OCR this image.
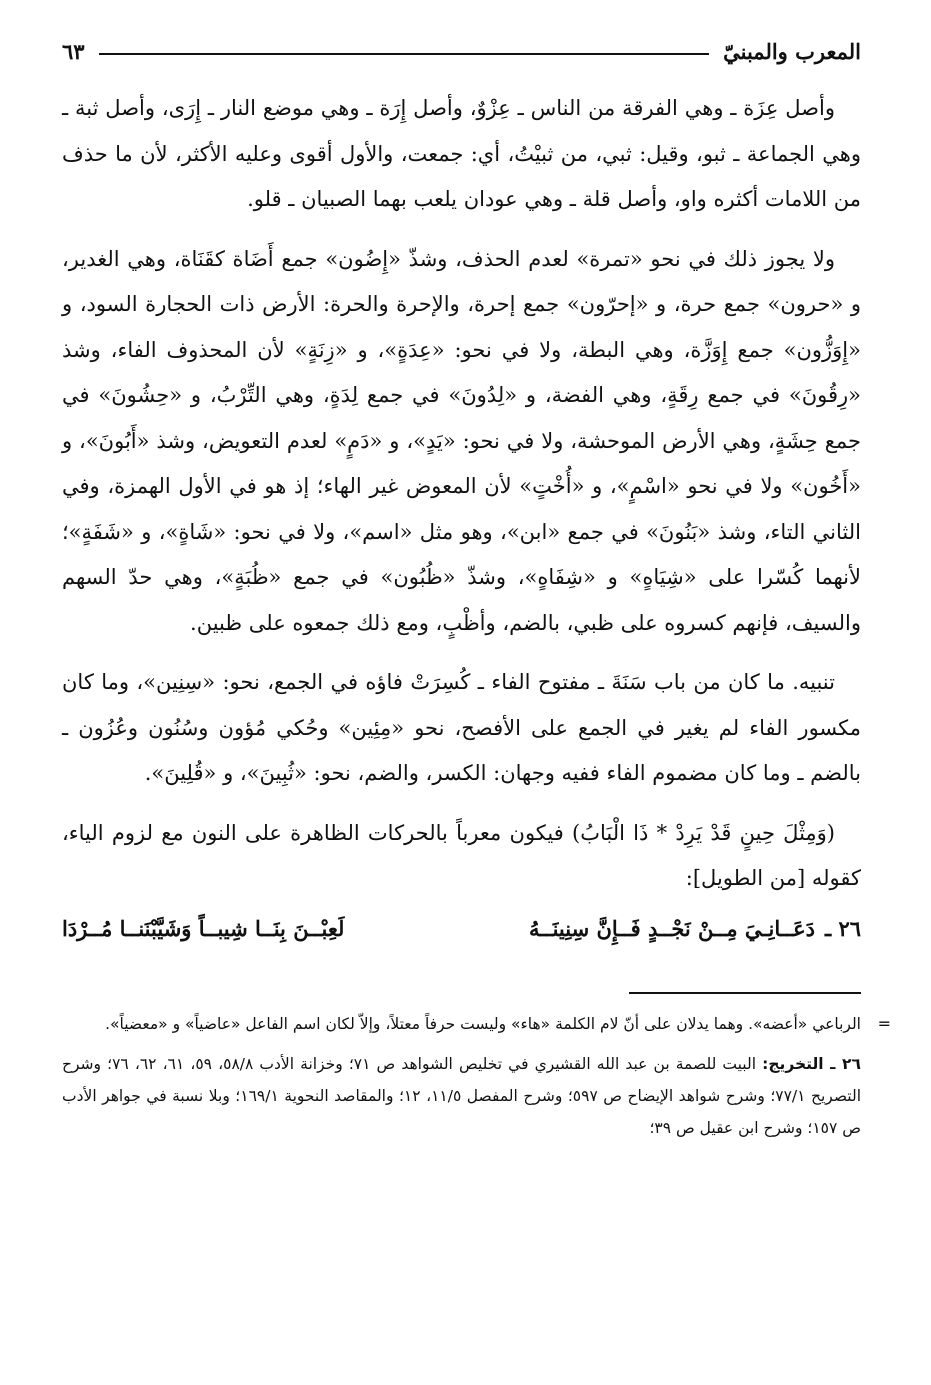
المعرب والمبنيّ
٦٣

وأصل عِزَة ـ وهي الفرقة من الناس ـ عِزْوٌ، وأصل إِرَة ـ وهي موضع النار ـ إِرَى، وأصل ثبة ـ وهي الجماعة ـ ثبو، وقيل: ثبي، من ثبيْتُ، أي: جمعت، والأول أقوى وعليه الأكثر، لأن ما حذف من اللامات أكثره واو، وأصل قلة ـ وهي عودان يلعب بهما الصبيان ـ قلو.

ولا يجوز ذلك في نحو «تمرة» لعدم الحذف، وشذّ «إِضُون» جمع أَضَاة كقَنَاة، وهي الغدير، و «حرون» جمع حرة، و «إحرّون» جمع إحرة، والإحرة والحرة: الأرض ذات الحجارة السود، و «إِوَزُّون» جمع إِوَزَّة، وهي البطة، ولا في نحو: «عِدَةٍ»، و «زِنَةٍ» لأن المحذوف الفاء، وشذ «رِقُونَ» في جمع رِقَةٍ، وهي الفضة، و «لِدُونَ» في جمع لِدَةٍ، وهي التِّرْبُ، و «حِشُونَ» في جمع حِشَةٍ، وهي الأرض الموحشة، ولا في نحو: «يَدٍ»، و «دَمٍ» لعدم التعويض، وشذ «أَبُونَ»، و «أَخُون» ولا في نحو «اسْمٍ»، و «أُخْتٍ» لأن المعوض غير الهاء؛ إذ هو في الأول الهمزة، وفي الثاني التاء، وشذ «بَنُونَ» في جمع «ابن»، وهو مثل «اسم»، ولا في نحو: «شَاةٍ»، و «شَفَةٍ»؛ لأنهما كُسّرا على «شِيَاهٍ» و «شِفَاهٍ»، وشذّ «ظُبُون» في جمع «ظُبَةٍ»، وهي حدّ السهم والسيف، فإنهم كسروه على ظبي، بالضم، وأظْبٍ، ومع ذلك جمعوه على ظبين.

تنبيه. ما كان من باب سَنَةَ ـ مفتوح الفاء ـ كُسِرَتْ فاؤه في الجمع، نحو: «سِنِين»، وما كان مكسور الفاء لم يغير في الجمع على الأفصح، نحو «مِئِين» وحُكي مُؤون وسُنُون وعُزُون ـ بالضم ـ وما كان مضموم الفاء ففيه وجهان: الكسر، والضم، نحو: «ثُبِينَ»، و «قُلِينَ».

(وَمِثْلَ حِينٍ قَدْ يَرِدْ * ذَا الْبَابُ) فيكون معرباً بالحركات الظاهرة على النون مع لزوم الياء، كقوله [من الطويل]:

٢٦ ـ
دَعَــانِـيَ مِــنْ نَجْــدٍ فَــإِنَّ سِنِينَــهُ
لَعِبْــنَ بِنَــا شِيبــاً وَشَيَّبْنَنــا مُــرْدَا

=
الرباعي «أعضه». وهما يدلان على أنّ لام الكلمة «هاء» وليست حرفاً معتلاً، وإلاّ لكان اسم الفاعل «عاضياً» و «معضياً».

٢٦ ـ التخريج: البيت للصمة بن عبد الله القشيري في تخليص الشواهد ص ٧١؛ وخزانة الأدب ٥٨/٨، ٥٩، ٦١، ٦٢، ٧٦؛ وشرح التصريح ٧٧/١؛ وشرح شواهد الإيضاح ص ٥٩٧؛ وشرح المفصل ١١/٥، ١٢؛ والمقاصد النحوية ١٦٩/١؛ وبلا نسبة في جواهر الأدب ص ١٥٧؛ وشرح ابن عقيل ص ٣٩؛
